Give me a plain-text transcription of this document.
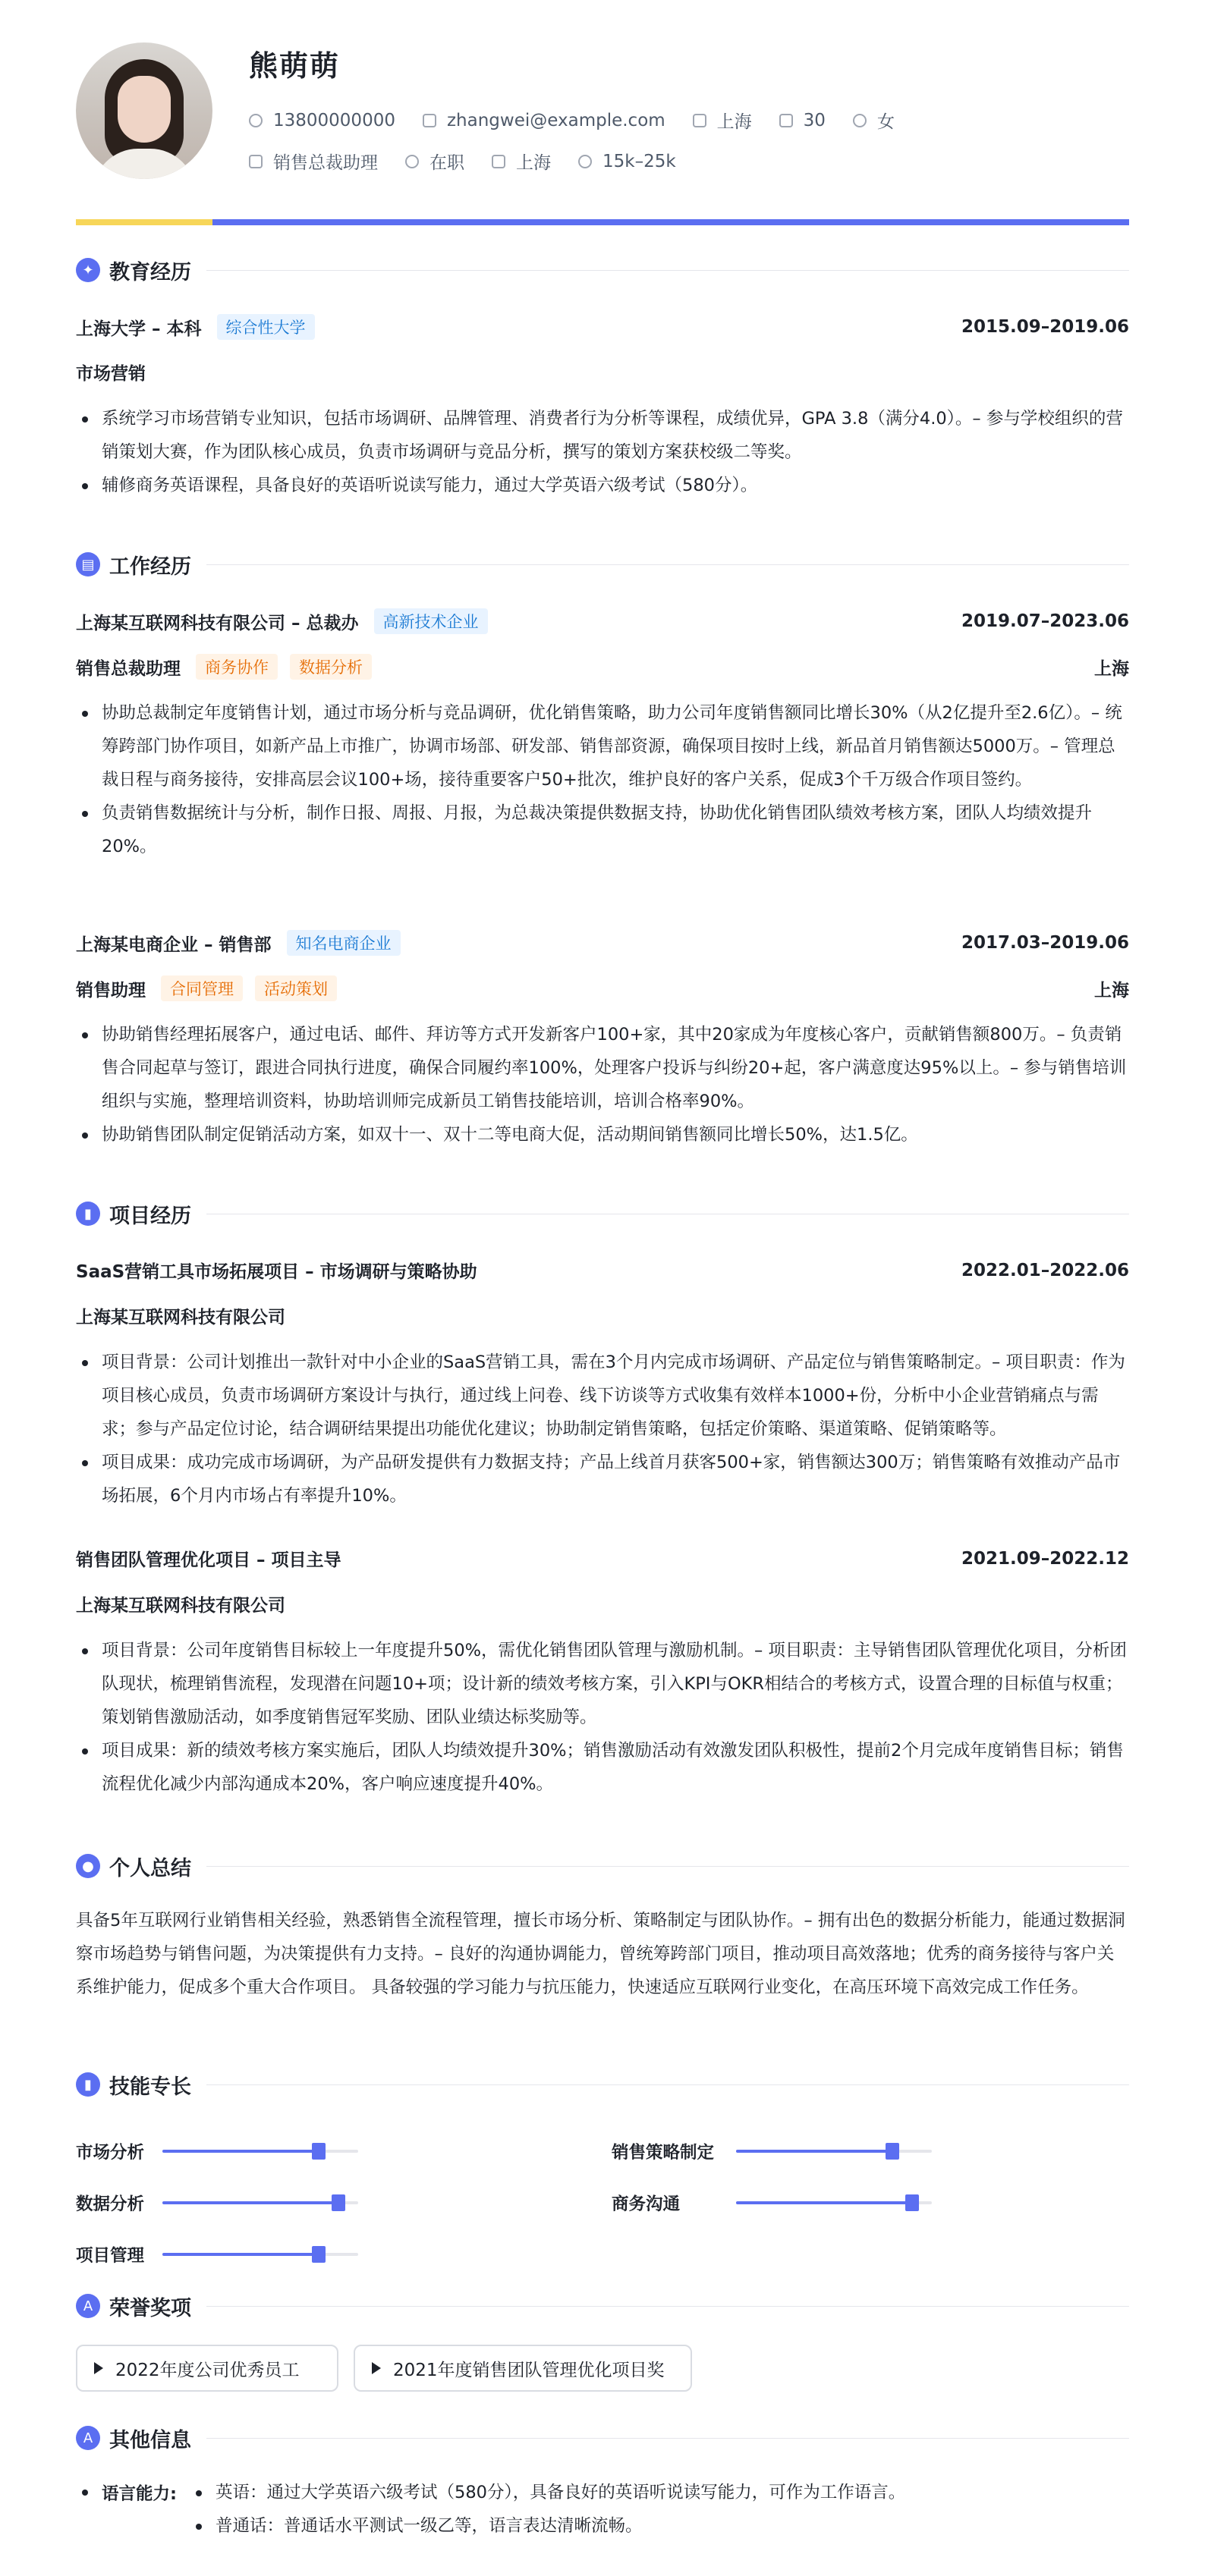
熊萌萌
13800000000	zhangwei@example.com	上海	30	女
销售总裁助理	在职	上海	15k–25k
✦ 教育经历
上海大学 – 本科	综合性大学	2015.09–2019.06
市场营销
系统学习市场营销专业知识，包括市场调研、品牌管理、消费者行为分析等课程，成绩优异，GPA 3.8（满分4.0）。– 参与学校组织的营销策划大赛，作为团队核心成员，负责市场调研与竞品分析，撰写的策划方案获校级二等奖。
辅修商务英语课程，具备良好的英语听说读写能力，通过大学英语六级考试（580分）。
▤ 工作经历
上海某互联网科技有限公司 – 总裁办	高新技术企业	2019.07–2023.06
销售总裁助理	商务协作	数据分析	上海
协助总裁制定年度销售计划，通过市场分析与竞品调研，优化销售策略，助力公司年度销售额同比增长30%（从2亿提升至2.6亿）。– 统筹跨部门协作项目，如新产品上市推广，协调市场部、研发部、销售部资源，确保项目按时上线，新品首月销售额达5000万。– 管理总裁日程与商务接待，安排高层会议100+场，接待重要客户50+批次，维护良好的客户关系，促成3个千万级合作项目签约。
负责销售数据统计与分析，制作日报、周报、月报，为总裁决策提供数据支持，协助优化销售团队绩效考核方案，团队人均绩效提升20%。
上海某电商企业 – 销售部	知名电商企业	2017.03–2019.06
销售助理	合同管理	活动策划	上海
协助销售经理拓展客户，通过电话、邮件、拜访等方式开发新客户100+家，其中20家成为年度核心客户，贡献销售额800万。– 负责销售合同起草与签订，跟进合同执行进度，确保合同履约率100%，处理客户投诉与纠纷20+起，客户满意度达95%以上。– 参与销售培训组织与实施，整理培训资料，协助培训师完成新员工销售技能培训，培训合格率90%。
协助销售团队制定促销活动方案，如双十一、双十二等电商大促，活动期间销售额同比增长50%，达1.5亿。
▮ 项目经历
SaaS营销工具市场拓展项目 – 市场调研与策略协助	2022.01–2022.06
上海某互联网科技有限公司
项目背景：公司计划推出一款针对中小企业的SaaS营销工具，需在3个月内完成市场调研、产品定位与销售策略制定。– 项目职责：作为项目核心成员，负责市场调研方案设计与执行，通过线上问卷、线下访谈等方式收集有效样本1000+份，分析中小企业营销痛点与需求；参与产品定位讨论，结合调研结果提出功能优化建议；协助制定销售策略，包括定价策略、渠道策略、促销策略等。
项目成果：成功完成市场调研，为产品研发提供有力数据支持；产品上线首月获客500+家，销售额达300万；销售策略有效推动产品市场拓展，6个月内市场占有率提升10%。
销售团队管理优化项目 – 项目主导	2021.09–2022.12
上海某互联网科技有限公司
项目背景：公司年度销售目标较上一年度提升50%，需优化销售团队管理与激励机制。– 项目职责：主导销售团队管理优化项目，分析团队现状，梳理销售流程，发现潜在问题10+项；设计新的绩效考核方案，引入KPI与OKR相结合的考核方式，设置合理的目标值与权重；策划销售激励活动，如季度销售冠军奖励、团队业绩达标奖励等。
项目成果：新的绩效考核方案实施后，团队人均绩效提升30%；销售激励活动有效激发团队积极性，提前2个月完成年度销售目标；销售流程优化减少内部沟通成本20%，客户响应速度提升40%。
● 个人总结
具备5年互联网行业销售相关经验，熟悉销售全流程管理，擅长市场分析、策略制定与团队协作。– 拥有出色的数据分析能力，能通过数据洞察市场趋势与销售问题，为决策提供有力支持。– 良好的沟通协调能力，曾统筹跨部门项目，推动项目高效落地；优秀的商务接待与客户关系维护能力，促成多个重大合作项目。 具备较强的学习能力与抗压能力，快速适应互联网行业变化，在高压环境下高效完成工作任务。
▮ 技能专长
市场分析	销售策略制定
数据分析	商务沟通
项目管理
A 荣誉奖项
2022年度公司优秀员工	2021年度销售团队管理优化项目奖
A 其他信息
语言能力:	英语：通过大学英语六级考试（580分），具备良好的英语听说读写能力，可作为工作语言。
普通话：普通话水平测试一级乙等，语言表达清晰流畅。
